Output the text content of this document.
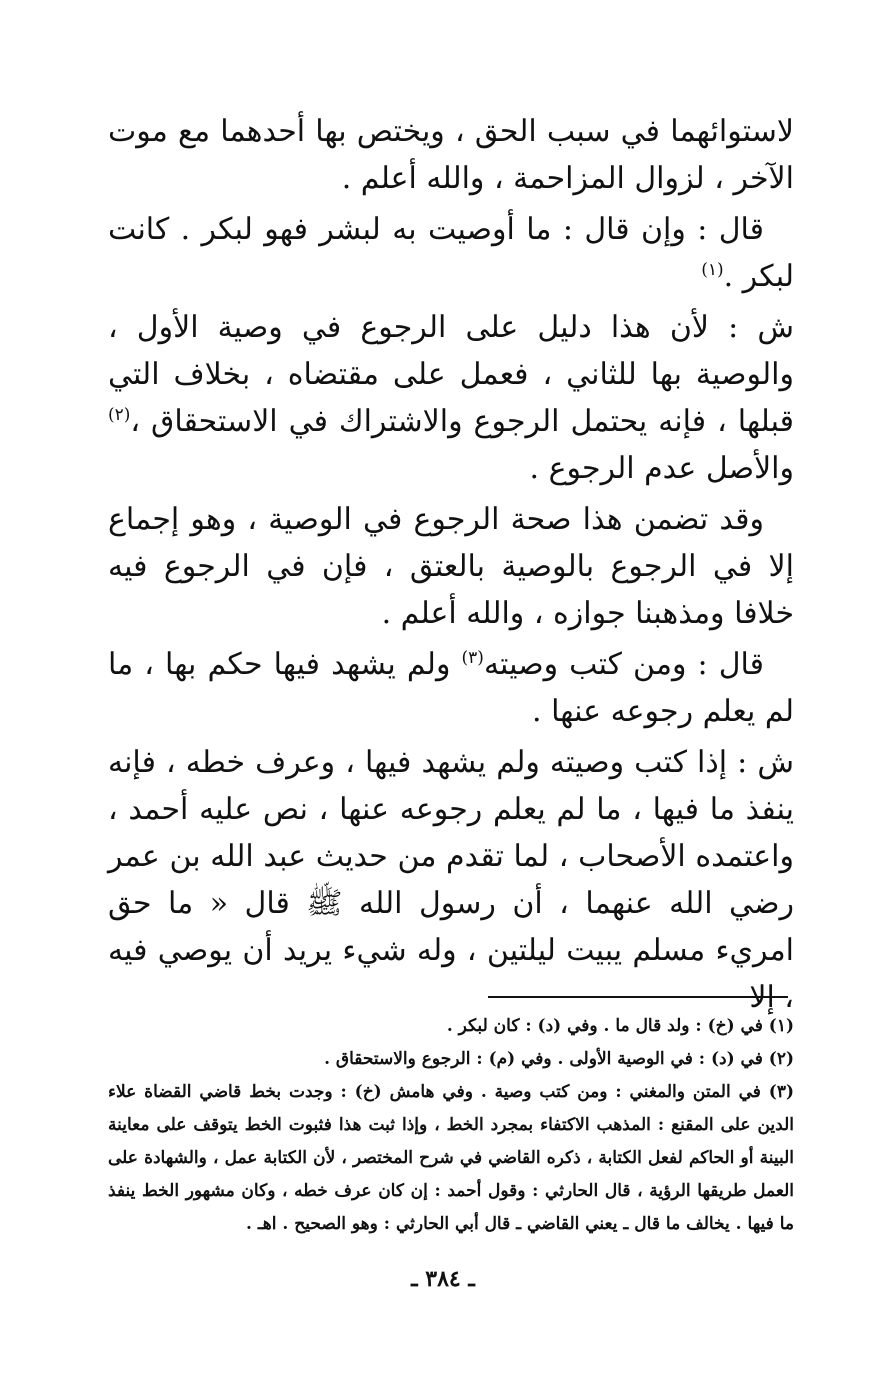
لاستوائهما في سبب الحق ، ويختص بها أحدهما مع موت الآخر ، لزوال المزاحمة ، والله أعلم .

قال : وإن قال : ما أوصيت به لبشر فهو لبكر . كانت لبكر .$^{(١)}$

ش : لأن هذا دليل على الرجوع في وصية الأول ، والوصية بها للثاني ، فعمل على مقتضاه ، بخلاف التي قبلها ، فإنه يحتمل الرجوع والاشتراك في الاستحقاق ،$^{(٢)}$ والأصل عدم الرجوع .

وقد تضمن هذا صحة الرجوع في الوصية ، وهو إجماع إلا في الرجوع بالوصية بالعتق ، فإن في الرجوع فيه خلافا ومذهبنا جوازه ، والله أعلم .

قال : ومن كتب وصيته$^{(٣)}$ ولم يشهد فيها حكم بها ، ما لم يعلم رجوعه عنها .

ش : إذا كتب وصيته ولم يشهد فيها ، وعرف خطه ، فإنه ينفذ ما فيها ، ما لم يعلم رجوعه عنها ، نص عليه أحمد ، واعتمده الأصحاب ، لما تقدم من حديث عبد الله بن عمر رضي الله عنهما ، أن رسول الله ﷺ قال « ما حق امريء مسلم يبيت ليلتين ، وله شيء يريد أن يوصي فيه ، إلا

(١) في (خ) : ولد قال ما . وفي (د) : كان لبكر .

(٢) في (د) : في الوصية الأولى . وفي (م) : الرجوع والاستحقاق .

(٣) في المتن والمغني : ومن كتب وصية . وفي هامش (خ) : وجدت بخط قاضي القضاة علاء الدين على المقنع : المذهب الاكتفاء بمجرد الخط ، وإذا ثبت هذا فثبوت الخط يتوقف على معاينة البينة أو الحاكم لفعل الكتابة ، ذكره القاضي في شرح المختصر ، لأن الكتابة عمل ، والشهادة على العمل طريقها الرؤية ، قال الحارثي : وقول أحمد : إن كان عرف خطه ، وكان مشهور الخط ينفذ ما فيها . يخالف ما قال ـ يعني القاضي ـ قال أبي الحارثي : وهو الصحيح . اهـ .

ـ ٣٨٤ ـ
